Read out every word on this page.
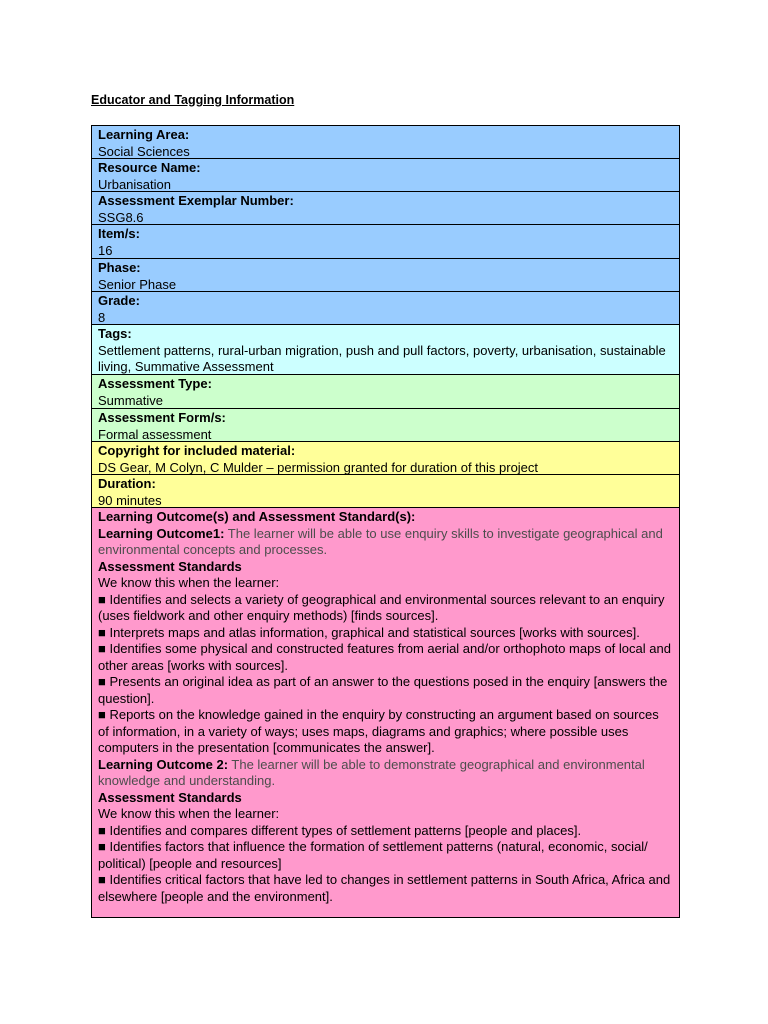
Educator and Tagging Information
Learning Area:
Social Sciences
Resource Name:
Urbanisation
Assessment Exemplar Number:
SSG8.6
Item/s:
16
Phase:
Senior Phase
Grade:
8
Tags:
Settlement patterns, rural-urban migration, push and pull factors, poverty, urbanisation, sustainable living, Summative Assessment
Assessment Type:
Summative
Assessment Form/s:
Formal assessment
Copyright for included material:
DS Gear, M Colyn, C Mulder – permission granted for duration of this project
Duration:
90 minutes
Learning Outcome(s) and Assessment Standard(s):
Learning Outcome1: The learner will be able to use enquiry skills to investigate geographical and environmental concepts and processes.
Assessment Standards
We know this when the learner:
■ Identifies and selects a variety of geographical and environmental sources relevant to an enquiry (uses fieldwork and other enquiry methods) [finds sources].
■ Interprets maps and atlas information, graphical and statistical sources [works with sources].
■ Identifies some physical and constructed features from aerial and/or orthophoto maps of local and other areas [works with sources].
■ Presents an original idea as part of an answer to the questions posed in the enquiry [answers the question].
■ Reports on the knowledge gained in the enquiry by constructing an argument based on sources of information, in a variety of ways; uses maps, diagrams and graphics; where possible uses computers in the presentation [communicates the answer].
Learning Outcome 2: The learner will be able to demonstrate geographical and environmental knowledge and understanding.
Assessment Standards
We know this when the learner:
■ Identifies and compares different types of settlement patterns [people and places].
■ Identifies factors that influence the formation of settlement patterns (natural, economic, social/ political) [people and resources]
■ Identifies critical factors that have led to changes in settlement patterns in South Africa, Africa and elsewhere [people and the environment].
